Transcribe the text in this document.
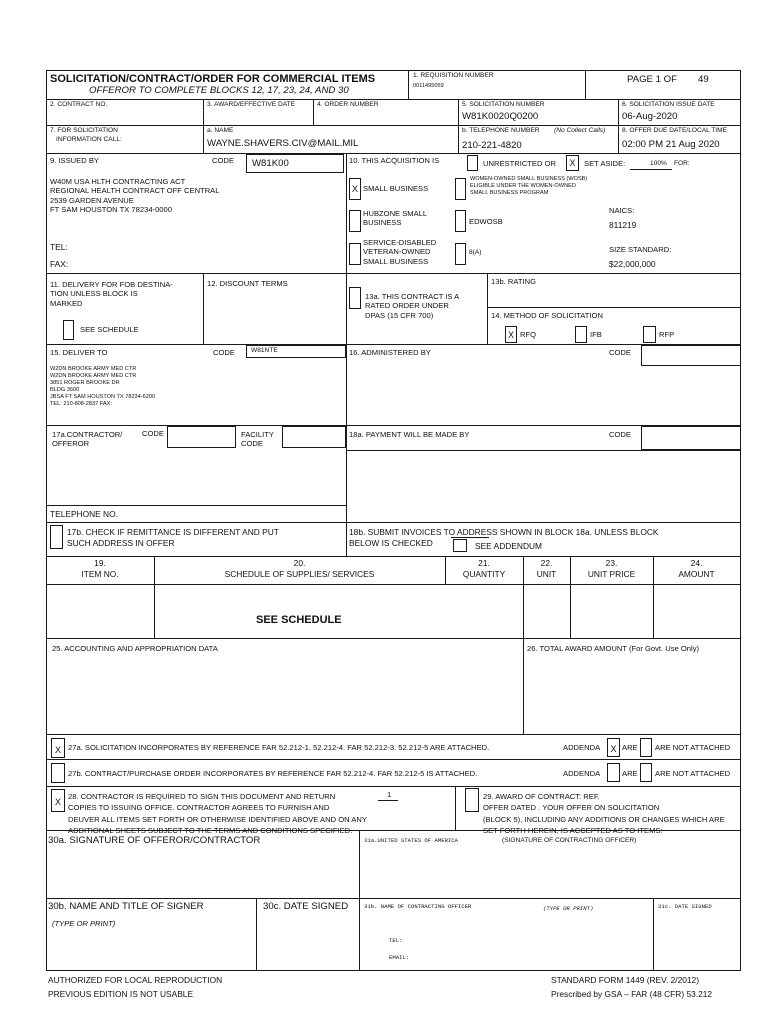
SOLICITATION/CONTRACT/ORDER FOR COMMERCIAL ITEMS
OFFEROR TO COMPLETE BLOCKS 12, 17, 23, 24, AND 30
1. REQUISITION NUMBER
0011495059
PAGE 1 OF 49
2. CONTRACT NO.	3. AWARD/EFFECTIVE DATE	4. ORDER NUMBER	5. SOLICITATION NUMBER
W81K0020Q0200
6. SOLICITATION ISSUE DATE
06-Aug-2020
7. FOR SOLICITATION
INFORMATION CALL:
a. NAME
WAYNE.SHAVERS.CIV@MAIL.MIL
b. TELEPHONE NUMBER (No Collect Calls)
210-221-4820
8. OFFER DUE DATE/LOCAL TIME
02:00 PM 21 Aug 2020
9. ISSUED BY	CODE W81K00
W40M USA HLTH CONTRACTING ACT
REGIONAL HEALTH CONTRACT OFF CENTRAL
2539 GARDEN AVENUE
FT SAM HOUSTON TX 78234-0000
TEL:
FAX:
10. THIS ACQUISITION IS	UNRESTRICTED OR	X	SET ASIDE:	100% FOR:
X SMALL BUSINESS
WOMEN-OWNED SMALL BUSINESS (WOSB)
ELIGIBLE UNDER THE WOMEN-OWNED
SMALL BUSINESS PROGRAM
HUBZONE SMALL
BUSINESS	EDWOSB
NAICS:
811219
SERVICE-DISABLED
VETERAN-OWNED
SMALL BUSINESS
8(A)	SIZE STANDARD:
$22,000,000
11. DELIVERY FOR FOB DESTINA-
TION UNLESS BLOCK IS
MARKED
SEE SCHEDULE
12. DISCOUNT TERMS
13a. THIS CONTRACT IS A
RATED ORDER UNDER
DPAS (15 CFR 700)
13b. RATING
14. METHOD OF SOLICITATION
X RFQ	IFB	RFP
15. DELIVER TO	CODE W81NTE
W2DN BROOKE ARMY MED CTR
W2DN BROOKE ARMY MED CTR
3851 ROGER BROOKE DR
BLDG 3600
JBSA FT SAM HOUSTON TX 78234-6200
TEL: 210-808-2837 FAX:
16. ADMINISTERED BY	CODE
17a.CONTRACTOR/
OFFEROR
CODE	FACILITY
CODE
18a. PAYMENT WILL BE MADE BY	CODE
TELEPHONE NO.
17b. CHECK IF REMITTANCE IS DIFFERENT AND PUT
SUCH ADDRESS IN OFFER
18b. SUBMIT INVOICES TO ADDRESS SHOWN IN BLOCK 18a. UNLESS BLOCK
BELOW IS CHECKED	SEE ADDENDUM
19.
ITEM NO.
20.
SCHEDULE OF SUPPLIES/ SERVICES
21.
QUANTITY
22.
UNIT
23.
UNIT PRICE
24.
AMOUNT
SEE SCHEDULE
25. ACCOUNTING AND APPROPRIATION DATA	26. TOTAL AWARD AMOUNT (For Govt. Use Only)
X 27a. SOLICITATION INCORPORATES BY REFERENCE FAR 52.212-1. 52.212-4. FAR 52.212-3. 52.212-5 ARE ATTACHED.	ADDENDA	X ARE ARE NOT ATTACHED
27b. CONTRACT/PURCHASE ORDER INCORPORATES BY REFERENCE FAR 52.212-4. FAR 52.212-5 IS ATTACHED.	ADDENDA	ARE ARE NOT ATTACHED
X
28. CONTRACTOR IS REQUIRED TO SIGN THIS DOCUMENT AND RETURN
COPIES TO ISSUING OFFICE. CONTRACTOR AGREES TO FURNISH AND
DEUVER ALL ITEMS SET FORTH OR OTHERWISE IDENTIFIED ABOVE AND ON ANY
ADDITIONAL SHEETS SUBJECT TO THE TERMS AND CONDITIONS SPECIFIED.
1	29. AWARD OF CONTRACT: REF.
OFFER DATED . YOUR OFFER ON SOLICITATION
(BLOCK 5), INCLUDING ANY ADDITIONS OR CHANGES WHICH ARE
SET FORTH HEREIN, IS ACCEPTED AS TO ITEMS:
30a. SIGNATURE OF OFFEROR/CONTRACTOR	31a.UNITED STATES OF AMERICA	(SIGNATURE OF CONTRACTING OFFICER)
30b. NAME AND TITLE OF SIGNER
(TYPE OR PRINT)
30c. DATE SIGNED	31b. NAME OF CONTRACTING OFFICER	(TYPE OR PRINT)	31c. DATE SIGNED
TEL:
EMAIL:
AUTHORIZED FOR LOCAL REPRODUCTION
PREVIOUS EDITION IS NOT USABLE
STANDARD FORM 1449 (REV. 2/2012)
Prescribed by GSA – FAR (48 CFR) 53.212
